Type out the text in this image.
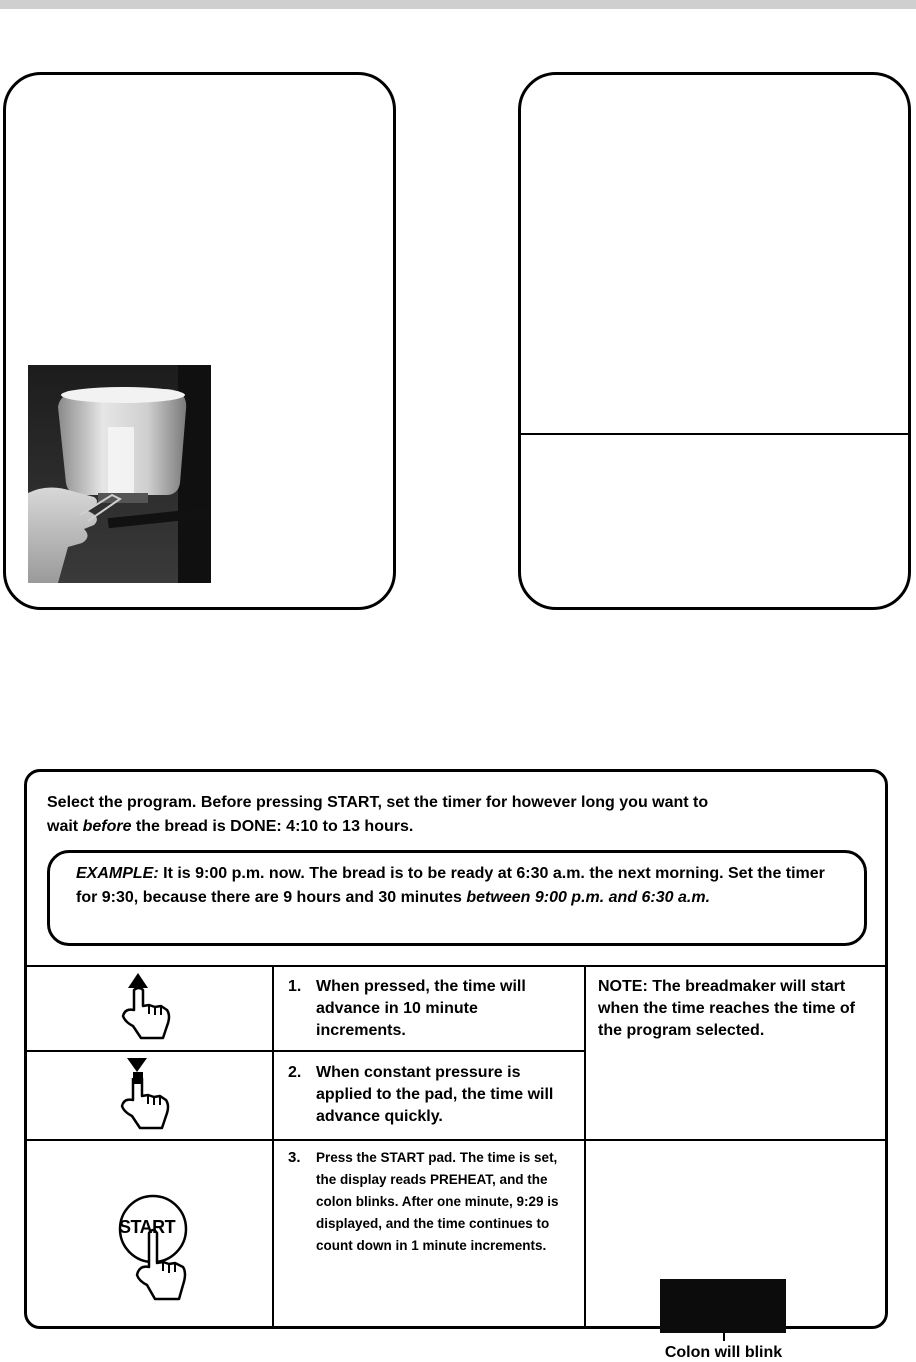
Select the program. Before pressing START, set the timer for however long you want to
wait before the bread is DONE: 4:10 to 13 hours.
EXAMPLE: It is 9:00 p.m. now. The bread is to be ready at 6:30 a.m. the next morning. Set the timer for 9:30, because there are 9 hours and 30 minutes between 9:00 p.m. and 6:30 a.m.
1. When pressed, the time will advance in 10 minute increments.
2. When constant pressure is applied to the pad, the time will advance quickly.
NOTE: The breadmaker will start when the time reaches the time of the program selected.
START
3.	Press the START pad. The time is set, the display reads PREHEAT, and the colon blinks. After one minute, 9:29 is displayed, and the time continues to count down in 1 minute increments.
Colon will blink
